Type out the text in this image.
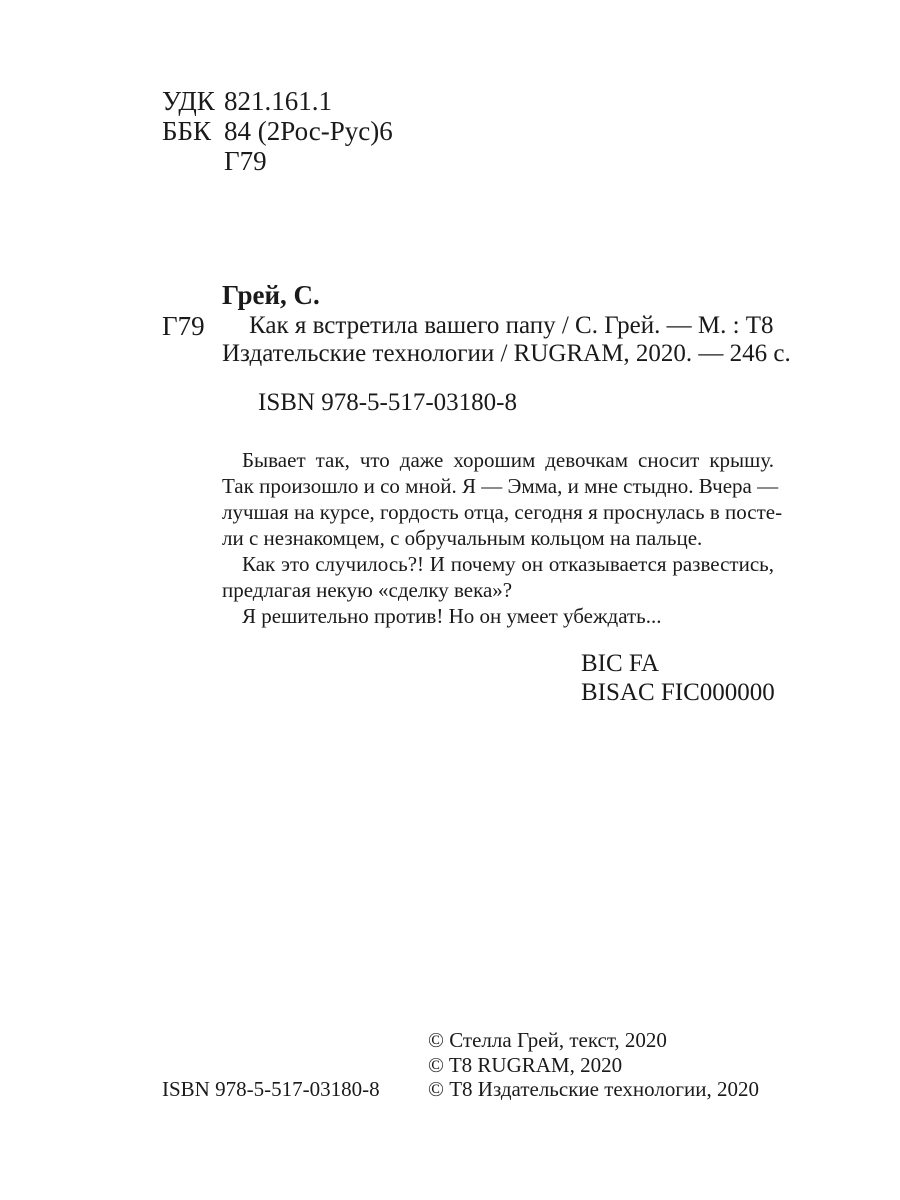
УДК 821.161.1
ББК 84 (2Рос-Рус)6
Г79
Грей, С.
Г79 Как я встретила вашего папу / С. Грей. — М. : Т8
Издательские технологии / RUGRAM, 2020. — 246 с.
ISBN 978-5-517-03180-8
Бывает так, что даже хорошим девочкам сносит крышу.
Так произошло и со мной. Я — Эмма, и мне стыдно. Вчера —
лучшая на курсе, гордость отца, сегодня я проснулась в посте-
ли с незнакомцем, с обручальным кольцом на пальце.
Как это случилось?! И почему он отказывается развестись,
предлагая некую «сделку века»?
Я решительно против! Но он умеет убеждать...
BIC FA
BISAC FIC000000
© Стелла Грей, текст, 2020
© T8 RUGRAM, 2020
© Т8 Издательские технологии, 2020
ISBN 978-5-517-03180-8
